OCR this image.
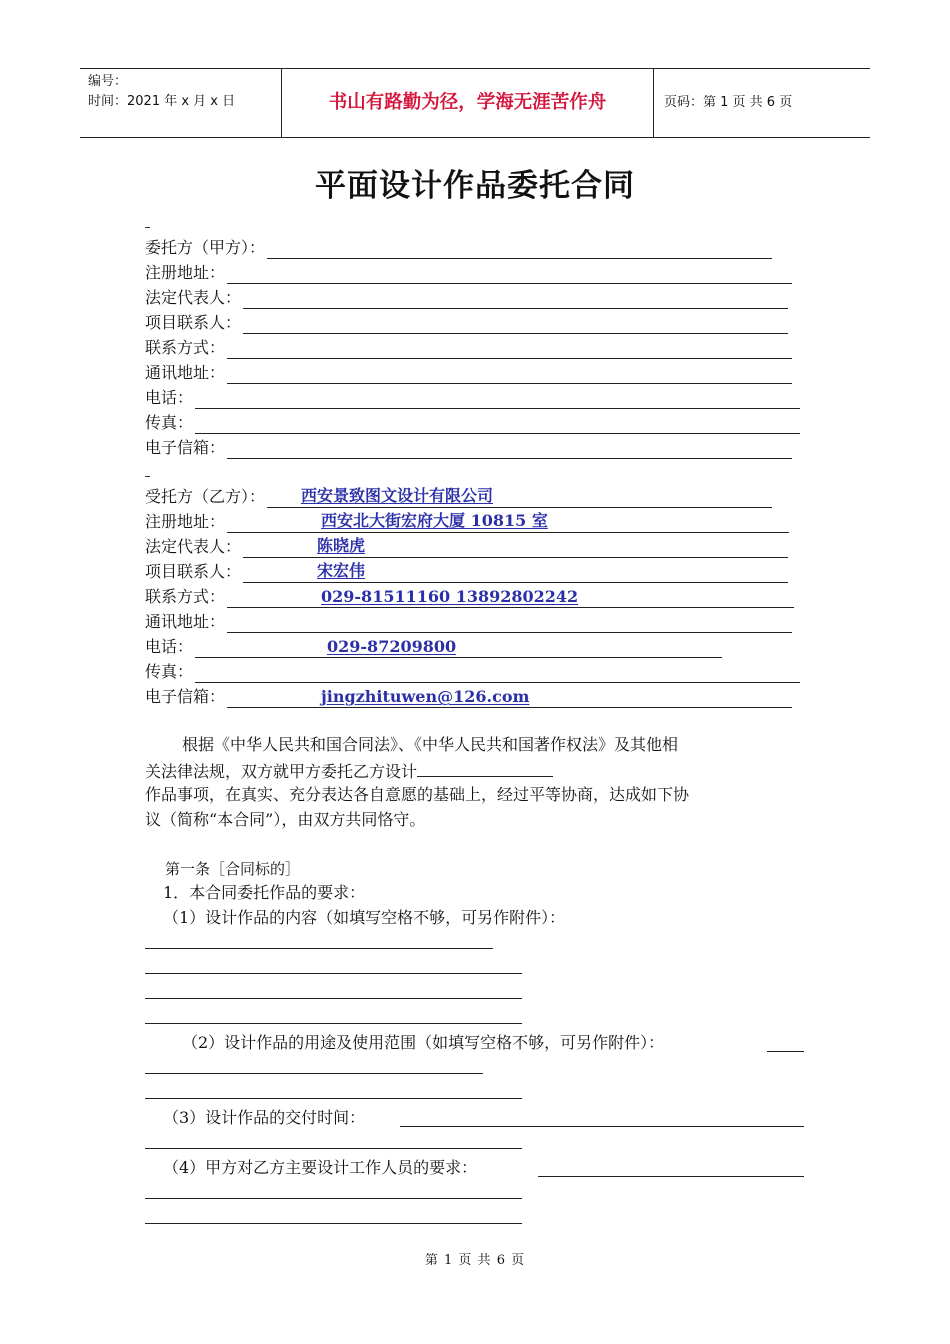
编号：
时间：2021 年 x 月 x 日	书山有路勤为径，学海无涯苦作舟	页码：第 1 页 共 6 页
平面设计作品委托合同
委托方（甲方）：
注册地址：
法定代表人：
项目联系人：
联系方式：
通讯地址：
电话：
传真：
电子信箱：
受托方（乙方）： 西安景致图文设计有限公司
注册地址：	西安北大街宏府大厦 10815 室
法定代表人：	陈晓虎
项目联系人：	宋宏伟
联系方式：	029-81511160 13892802242
通讯地址：
电话：	029-87209800
传真：
电子信箱：	jingzhituwen@126.com
根据《中华人民共和国合同法》、《中华人民共和国著作权法》及其他相
关法律法规，双方就甲方委托乙方设计
作品事项，在真实、充分表达各自意愿的基础上，经过平等协商，达成如下协
议（简称“本合同”），由双方共同恪守。
第一条［合同标的］
1．本合同委托作品的要求：
（1）设计作品的内容（如填写空格不够，可另作附件）：
（2）设计作品的用途及使用范围（如填写空格不够，可另作附件）：
（3）设计作品的交付时间：
（4）甲方对乙方主要设计工作人员的要求：
第 1 页 共 6 页
